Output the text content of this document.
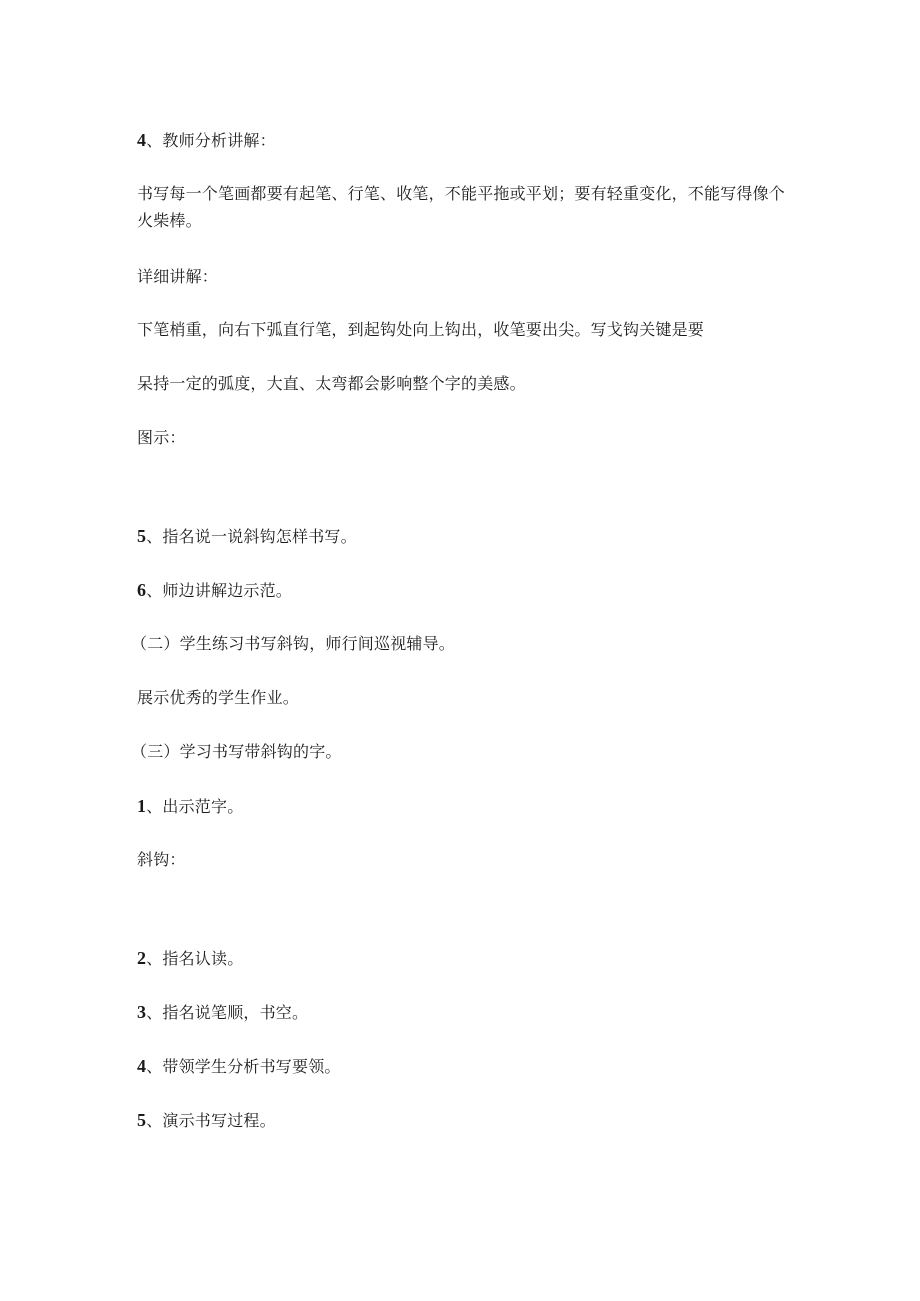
4、教师分析讲解：
书写每一个笔画都要有起笔、行笔、收笔，不能平拖或平划；要有轻重变化，不能写得像个火柴棒。
详细讲解：
下笔梢重，向右下弧直行笔，到起钩处向上钩出，收笔要出尖。写戈钩关键是要
呆持一定的弧度，大直、太弯都会影响整个字的美感。
图示：
5、指名说一说斜钩怎样书写。
6、师边讲解边示范。
（二）学生练习书写斜钩，师行间巡视辅导。
展示优秀的学生作业。
（三）学习书写带斜钩的字。
1、出示范字。
斜钩：
2、指名认读。
3、指名说笔顺，书空。
4、带领学生分析书写要领。
5、演示书写过程。
